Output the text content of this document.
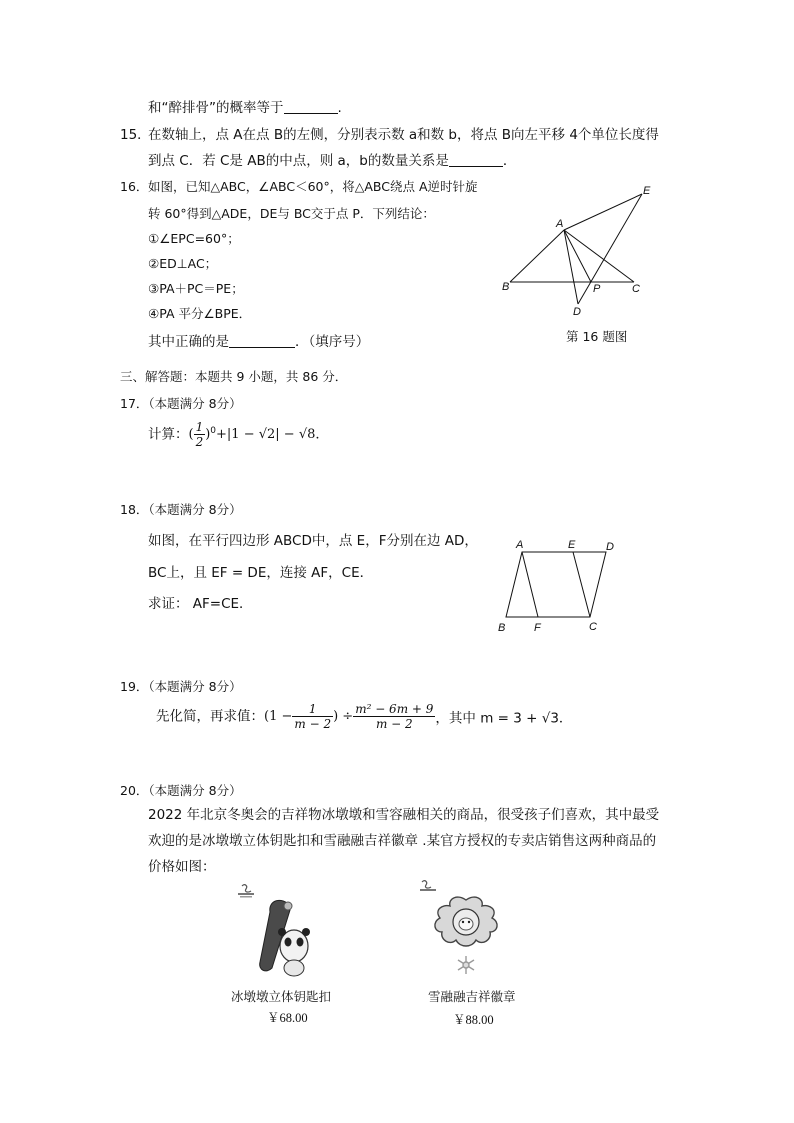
和“醉排骨”的概率等于	.
15．
在数轴上，点 A在点 B的左侧，分别表示数 a和数 b，将点 B向左平移 4个单位长度得
到点 C．若 C是 AB的中点，则 a，b的数量关系是	．
16． 如图，已知△ABC，∠ABC＜60°，将△ABC绕点 A逆时针旋
转 60°得到△ADE，DE与 BC交于点 P．下列结论：
①∠EPC=60°；
②ED⊥AC；
③PA＋PC＝PE；
④PA 平分∠BPE．
其中正确的是	．（填序号）
A
B	C
D
E
P
第 16 题图
三、解答题：本题共 9 小题，共 86 分．
17．（本题满分 8分）
计算：( $\frac{1}{2} )^0+|1 - √2| - √8$．
18．（本题满分 8分）
如图，在平行四边形 ABCD中，点 E，F分别在边 AD，
BC上，且 EF = DE，连接 AF，CE．
求证： AF=CE．
A	E	D
B	F	C
19．（本题满分 8分）
先化简，再求值：($1 - \frac{1}{m - 2}$ ) ÷ $\frac{\text{m² − 6m + 9}}{m - 2}$ ，其中 m = 3 + √3．
20．（本题满分 8分）
2022 年北京冬奥会的吉祥物冰墩墩和雪容融相关的商品，很受孩子们喜欢，其中最受
欢迎的是冰墩墩立体钥匙扣和雪融融吉祥徽章 .某官方授权的专卖店销售这两种商品的
价格如图：
冰墩墩立体钥匙扣
￥68.00
雪融融吉祥徽章
￥88.00
